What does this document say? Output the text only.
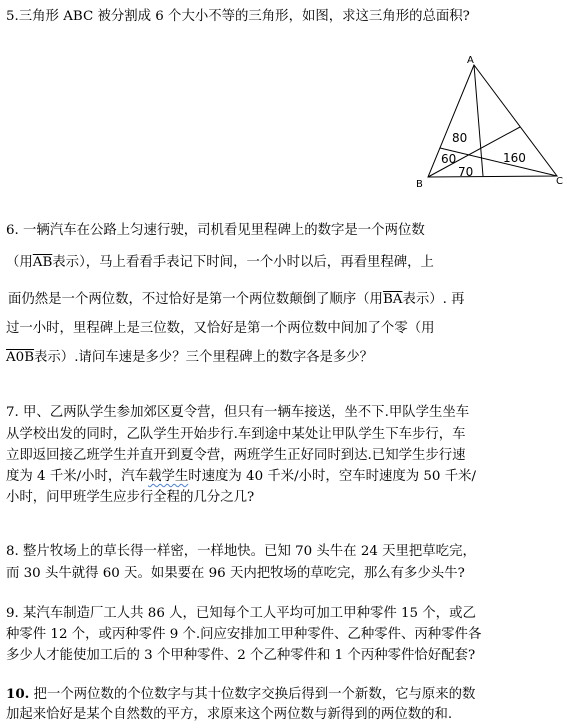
5.三角形 ABC 被分割成 6 个大小不等的三角形，如图，求这三角形的总面积?
A
B	C
80
60
70
160
6. 一辆汽车在公路上匀速行驶，司机看见里程碑上的数字是一个两位数
（用$\overline{AB}$表示），马上看看手表记下时间，一个小时以后，再看里程碑，上
面仍然是一个两位数，不过恰好是第一个两位数颠倒了顺序（用$\overline{BA}$表示）. 再
过一小时，里程碑上是三位数，又恰好是第一个两位数中间加了个零（用
A0B表示）.请问车速是多少？三个里程碑上的数字各是多少？
7. 甲、乙两队学生参加郊区夏令营，但只有一辆车接送，坐不下.甲队学生坐车
从学校出发的同时，乙队学生开始步行.车到途中某处让甲队学生下车步行，车
立即返回接乙班学生并直开到夏令营，两班学生正好同时到达.已知学生步行速
度为 4 千米/小时，汽车载学生时速度为 40 千米/小时，空车时速度为 50 千米/
小时，问甲班学生应步行全程的几分之几?
8. 整片牧场上的草长得一样密，一样地快。已知 70 头牛在 24 天里把草吃完，
而 30 头牛就得 60 天。如果要在 96 天内把牧场的草吃完，那么有多少头牛?
9. 某汽车制造厂工人共 86 人，已知每个工人平均可加工甲种零件 15 个，或乙
种零件 12 个，或丙种零件 9 个.问应安排加工甲种零件、乙种零件、丙种零件各
多少人才能使加工后的 3 个甲种零件、2 个乙种零件和 1 个丙种零件恰好配套?
10. 把一个两位数的个位数字与其十位数字交换后得到一个新数，它与原来的数
加起来恰好是某个自然数的平方，求原来这个两位数与新得到的两位数的和.
